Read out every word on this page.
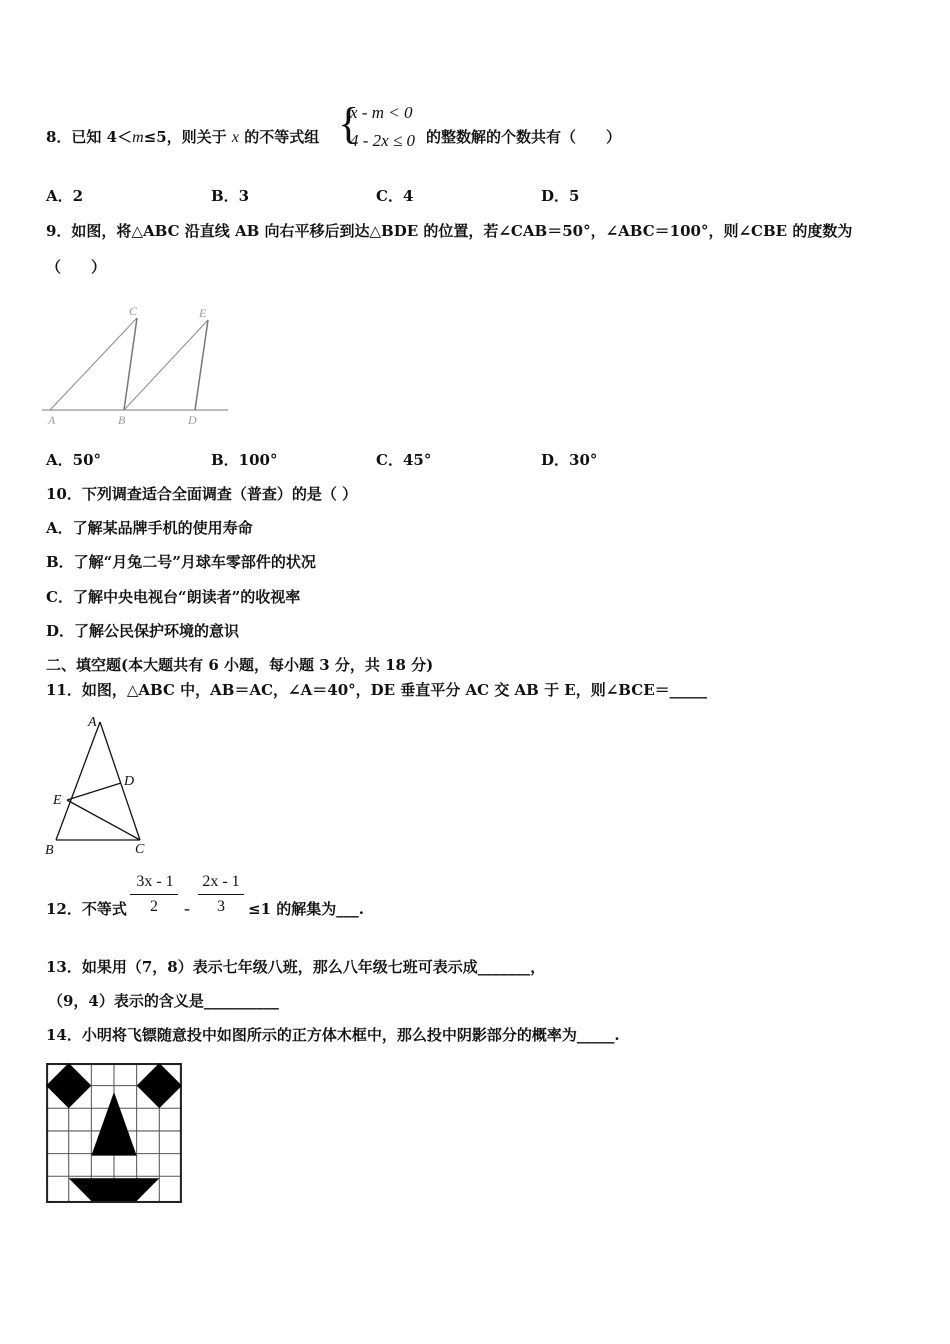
8．已知 4＜m≤5，则关于 x 的不等式组 {
x - m < 0
4 - 2x ≤ 0 的整数解的个数共有（　　）
A．2	B．3	C．4	D．5
9．如图，将△ABC 沿直线 AB 向右平移后到达△BDE 的位置，若∠CAB＝50°，∠ABC＝100°，则∠CBE 的度数为
（　　）
A	B
C
D
E
A．50°	B．100°	C．45°	D．30°
10．下列调查适合全面调查（普查）的是（ ）
A．了解某品牌手机的使用寿命
B．了解“月兔二号”月球车零部件的状况
C．了解中央电视台“朗读者”的收视率
D．了解公民保护环境的意识
二、填空题(本大题共有 6 小题，每小题 3 分，共 18 分)
11．如图，△ABC 中，AB＝AC，∠A＝40°，DE 垂直平分 AC 交 AB 于 E，则∠BCE＝_____
A
B	C
D
E
12．不等式
3x - 1
2	-
2x - 1
3	≤1 的解集为___.
13．如果用（7，8）表示七年级八班，那么八年级七班可表示成_______，
（9，4）表示的含义是__________
14．小明将飞镖随意投中如图所示的正方体木框中，那么投中阴影部分的概率为_____.
